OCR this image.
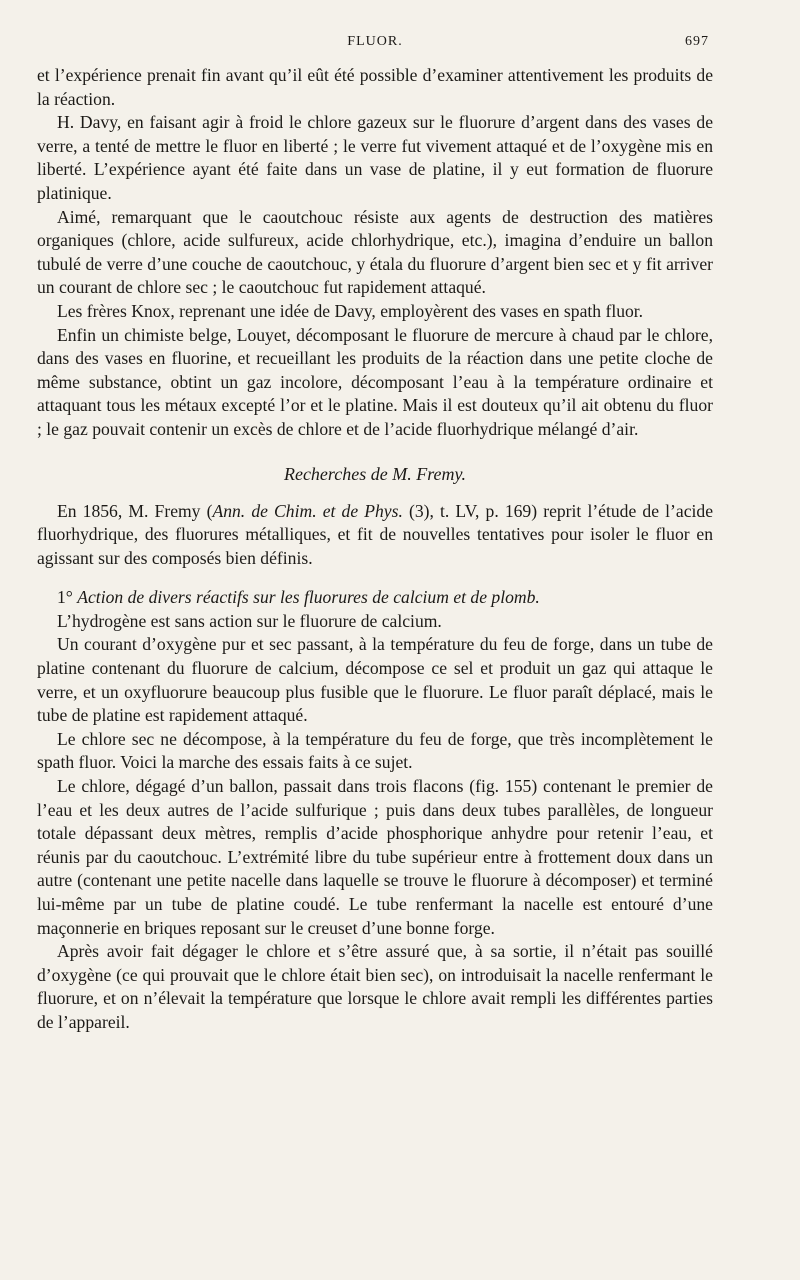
FLUOR.	697

et l’expérience prenait fin avant qu’il eût été possible d’examiner attentivement les produits de la réaction.

H. Davy, en faisant agir à froid le chlore gazeux sur le fluorure d’argent dans des vases de verre, a tenté de mettre le fluor en liberté ; le verre fut vivement attaqué et de l’oxygène mis en liberté. L’expérience ayant été faite dans un vase de platine, il y eut formation de fluorure platinique.

Aimé, remarquant que le caoutchouc résiste aux agents de destruction des matières organiques (chlore, acide sulfureux, acide chlorhydrique, etc.), imagina d’enduire un ballon tubulé de verre d’une couche de caoutchouc, y étala du fluorure d’argent bien sec et y fit arriver un courant de chlore sec ; le caoutchouc fut rapidement attaqué.

Les frères Knox, reprenant une idée de Davy, employèrent des vases en spath fluor.

Enfin un chimiste belge, Louyet, décomposant le fluorure de mercure à chaud par le chlore, dans des vases en fluorine, et recueillant les produits de la réaction dans une petite cloche de même substance, obtint un gaz incolore, décomposant l’eau à la température ordinaire et attaquant tous les métaux excepté l’or et le platine. Mais il est douteux qu’il ait obtenu du fluor ; le gaz pouvait contenir un excès de chlore et de l’acide fluorhydrique mélangé d’air.

Recherches de M. Fremy.

En 1856, M. Fremy (Ann. de Chim. et de Phys. (3), t. LV, p. 169) reprit l’étude de l’acide fluorhydrique, des fluorures métalliques, et fit de nouvelles tentatives pour isoler le fluor en agissant sur des composés bien définis.

1° Action de divers réactifs sur les fluorures de calcium et de plomb.

L’hydrogène est sans action sur le fluorure de calcium.

Un courant d’oxygène pur et sec passant, à la température du feu de forge, dans un tube de platine contenant du fluorure de calcium, décompose ce sel et produit un gaz qui attaque le verre, et un oxyfluorure beaucoup plus fusible que le fluorure. Le fluor paraît déplacé, mais le tube de platine est rapidement attaqué.

Le chlore sec ne décompose, à la température du feu de forge, que très incomplètement le spath fluor. Voici la marche des essais faits à ce sujet.

Le chlore, dégagé d’un ballon, passait dans trois flacons (fig. 155) contenant le premier de l’eau et les deux autres de l’acide sulfurique ; puis dans deux tubes parallèles, de longueur totale dépassant deux mètres, remplis d’acide phosphorique anhydre pour retenir l’eau, et réunis par du caoutchouc. L’extrémité libre du tube supérieur entre à frottement doux dans un autre (contenant une petite nacelle dans laquelle se trouve le fluorure à décomposer) et terminé lui-même par un tube de platine coudé. Le tube renfermant la nacelle est entouré d’une maçonnerie en briques reposant sur le creuset d’une bonne forge.

Après avoir fait dégager le chlore et s’être assuré que, à sa sortie, il n’était pas souillé d’oxygène (ce qui prouvait que le chlore était bien sec), on introduisait la nacelle renfermant le fluorure, et on n’élevait la température que lorsque le chlore avait rempli les différentes parties de l’appareil.
